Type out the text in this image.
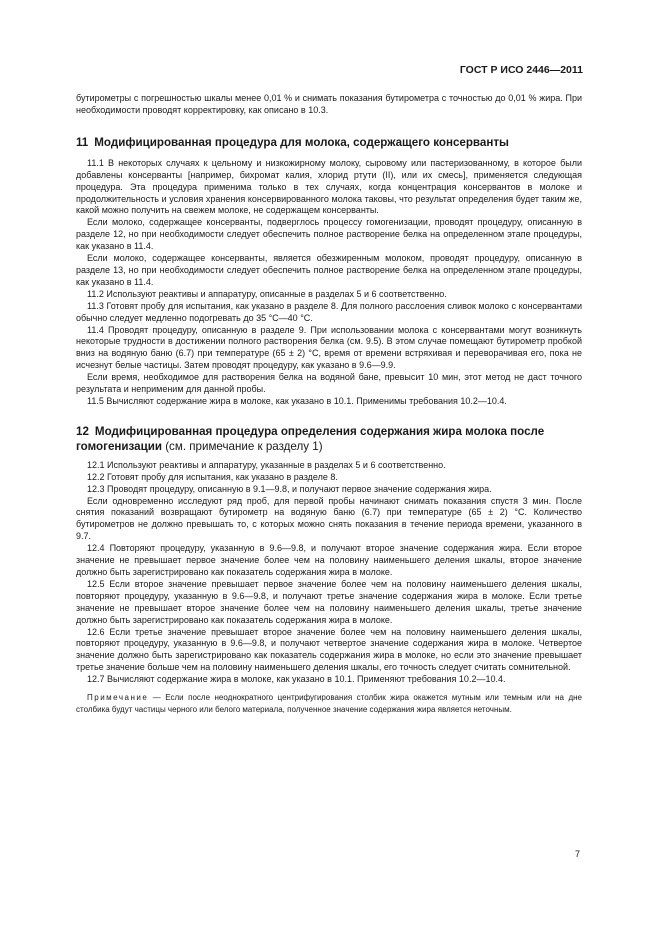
ГОСТ Р ИСО 2446—2011

бутирометры с погрешностью шкалы менее 0,01 % и снимать показания бутирометра с точностью до 0,01 % жира. При необходимости проводят корректировку, как описано в 10.3.

11 Модифицированная процедура для молока, содержащего консерванты

11.1 В некоторых случаях к цельному и низкожирному молоку, сыровому или пастеризованному, в которое были добавлены консерванты [например, бихромат калия, хлорид ртути (II), или их смесь], применяется следующая процедура. Эта процедура применима только в тех случаях, когда концентрация консервантов в молоке и продолжительность и условия хранения консервированного молока таковы, что результат определения будет таким же, какой можно получить на свежем молоке, не содержащем консерванты.

Если молоко, содержащее консерванты, подверглось процессу гомогенизации, проводят процедуру, описанную в разделе 12, но при необходимости следует обеспечить полное растворение белка на определенном этапе процедуры, как указано в 11.4.

Если молоко, содержащее консерванты, является обезжиренным молоком, проводят процедуру, описанную в разделе 13, но при необходимости следует обеспечить полное растворение белка на определенном этапе процедуры, как указано в 11.4.

11.2 Используют реактивы и аппаратуру, описанные в разделах 5 и 6 соответственно.

11.3 Готовят пробу для испытания, как указано в разделе 8. Для полного расслоения сливок молоко с консервантами обычно следует медленно подогревать до 35 °С—40 °С.

11.4 Проводят процедуру, описанную в разделе 9. При использовании молока с консервантами могут возникнуть некоторые трудности в достижении полного растворения белка (см. 9.5). В этом случае помещают бутирометр пробкой вниз на водяную баню (6.7) при температуре (65 ± 2) °С, время от времени встряхивая и переворачивая его, пока не исчезнут белые частицы. Затем проводят процедуру, как указано в 9.6—9.9.

Если время, необходимое для растворения белка на водяной бане, превысит 10 мин, этот метод не даст точного результата и неприменим для данной пробы.

11.5 Вычисляют содержание жира в молоке, как указано в 10.1. Применимы требования 10.2—10.4.

12 Модифицированная процедура определения содержания жира молока после гомогенизации (см. примечание к разделу 1)

12.1 Используют реактивы и аппаратуру, указанные в разделах 5 и 6 соответственно.

12.2 Готовят пробу для испытания, как указано в разделе 8.

12.3 Проводят процедуру, описанную в 9.1—9.8, и получают первое значение содержания жира.

Если одновременно исследуют ряд проб, для первой пробы начинают снимать показания спустя 3 мин. После снятия показаний возвращают бутирометр на водяную баню (6.7) при температуре (65 ± 2) °С. Количество бутирометров не должно превышать то, с которых можно снять показания в течение периода времени, указанного в 9.7.

12.4 Повторяют процедуру, указанную в 9.6—9.8, и получают второе значение содержания жира. Если второе значение не превышает первое значение более чем на половину наименьшего деления шкалы, второе значение должно быть зарегистрировано как показатель содержания жира в молоке.

12.5 Если второе значение превышает первое значение более чем на половину наименьшего деления шкалы, повторяют процедуру, указанную в 9.6—9.8, и получают третье значение содержания жира в молоке. Если третье значение не превышает второе значение более чем на половину наименьшего деления шкалы, третье значение должно быть зарегистрировано как показатель содержания жира в молоке.

12.6 Если третье значение превышает второе значение более чем на половину наименьшего деления шкалы, повторяют процедуру, указанную в 9.6—9.8, и получают четвертое значение содержания жира в молоке. Четвертое значение должно быть зарегистрировано как показатель содержания жира в молоке, но если это значение превышает третье значение больше чем на половину наименьшего деления шкалы, его точность следует считать сомнительной.

12.7 Вычисляют содержание жира в молоке, как указано в 10.1. Применяют требования 10.2—10.4.

Примечание — Если после неоднократного центрифугирования столбик жира окажется мутным или темным или на дне столбика будут частицы черного или белого материала, полученное значение содержания жира является неточным.

7
